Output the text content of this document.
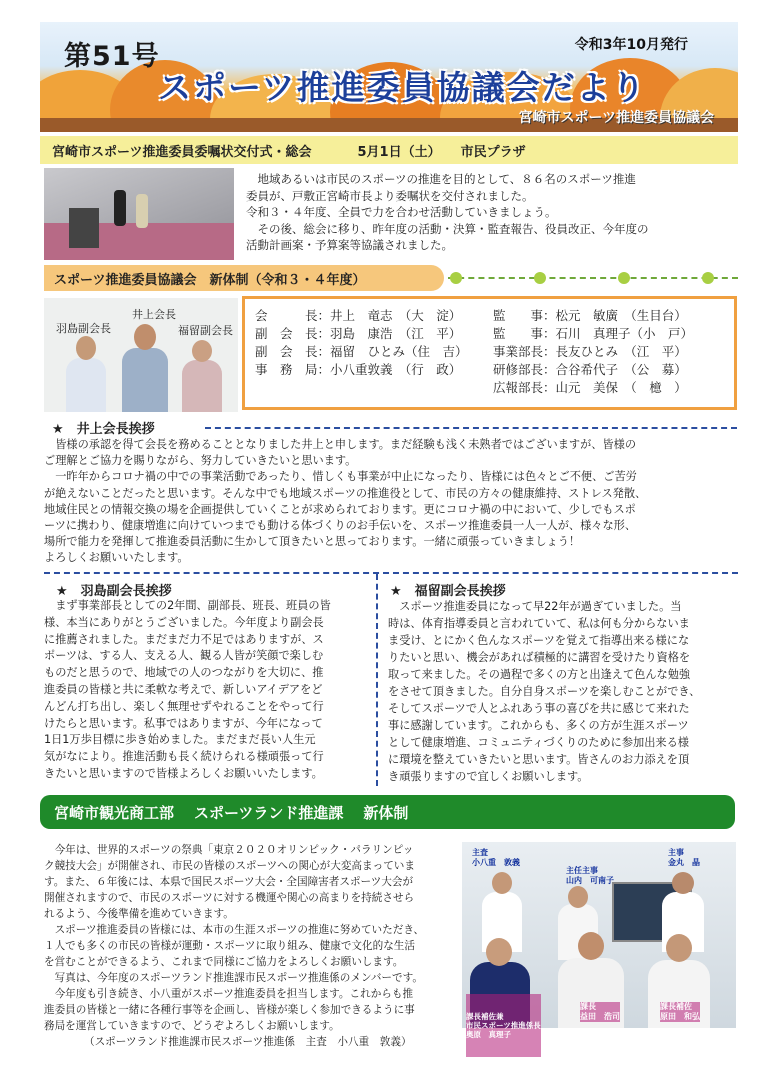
第51号	令和3年10月発行
スポーツ推進委員協議会だより
宮崎市スポーツ推進委員協議会
宮崎市スポーツ推進委員委嘱状交付式・総会	5月1日（土） 市民プラザ
　地域あるいは市民のスポーツの推進を目的として、８６名のスポーツ推進
委員が、戸敷正宮崎市長より委嘱状を交付されました。
令和３・４年度、全員で力を合わせ活動していきましょう。
　その後、総会に移り、昨年度の活動・決算・監査報告、役員改正、今年度の
活動計画案・予算案等協議されました。
スポーツ推進委員協議会　新体制（令和３・４年度）
羽島副会長
井上会長
福留副会長
会　　　長：井上　竜志　（大　淀）
副　会　長：羽島　康浩　（江　平）
副　会　長：福留　ひとみ（住　吉）
事　務　局：小八重敦義　（行　政）
監　　事：松元　敏廣　（生目台）
監　　事：石川　真理子（小　戸）
事業部長：長友ひとみ　（江　平）
研修部長：合谷希代子　（公　募）
広報部長：山元　美保　（　檍　）
★　井上会長挨拶
　皆様の承認を得て会長を務めることとなりました井上と申します。まだ経験も浅く未熟者ではございますが、皆様の
ご理解とご協力を賜りながら、努力していきたいと思います。
　一昨年からコロナ禍の中での事業活動であったり、惜しくも事業が中止になったり、皆様には色々とご不便、ご苦労
が絶えないことだったと思います。そんな中でも地域スポーツの推進役として、市民の方々の健康維持、ストレス発散、
地域住民との情報交換の場を企画提供していくことが求められております。更にコロナ禍の中において、少しでもスポ
ーツに携わり、健康増進に向けていつまでも動ける体づくりのお手伝いを、スポーツ推進委員一人一人が、様々な形、
場所で能力を発揮して推進委員活動に生かして頂きたいと思っております。一緒に頑張っていきましょう！
よろしくお願いいたします。
★　羽島副会長挨拶
　まず事業部長としての2年間、副部長、班長、班員の皆
様、本当にありがとうございました。今年度より副会長
に推薦されました。まだまだ力不足ではありますが、ス
ポーツは、する人、支える人、観る人皆が笑顔で楽しむ
ものだと思うので、地域での人のつながりを大切に、推
進委員の皆様と共に柔軟な考えで、新しいアイデアをど
んどん打ち出し、楽しく無理せずやれることをやって行
けたらと思います。私事ではありますが、今年になって
1日1万歩目標に歩き始めました。まだまだ長い人生元
気がなにより。推進活動も長く続けられる様頑張って行
きたいと思いますので皆様よろしくお願いいたします。
★　福留副会長挨拶
　スポーツ推進委員になって早22年が過ぎていました。当
時は、体育指導委員と言われていて、私は何も分からないま
ま受け、とにかく色んなスポーツを覚えて指導出来る様にな
りたいと思い、機会があれば積極的に講習を受けたり資格を
取って来ました。その過程で多くの方と出逢えて色んな勉強
をさせて頂きました。自分自身スポーツを楽しむことができ、
そしてスポーツで人とふれあう事の喜びを共に感じて来れた
事に感謝しています。これからも、多くの方が生涯スポーツ
として健康増進、コミュニティづくりのために参加出来る様
に環境を整えていきたいと思います。皆さんのお力添えを頂
き頑張りますので宜しくお願いします。
宮崎市観光商工部 スポーツランド推進課 新体制
　今年は、世界的スポーツの祭典「東京２０２０オリンピック・パラリンピッ
ク競技大会」が開催され、市民の皆様のスポーツへの関心が大変高まっていま
す。また、６年後には、本県で国民スポーツ大会・全国障害者スポーツ大会が
開催されますので、市民のスポーツに対する機運や関心の高まりを持続させら
れるよう、今後準備を進めていきます。
　スポーツ推進委員の皆様には、本市の生涯スポーツの推進に努めていただき、
１人でも多くの市民の皆様が運動・スポーツに取り組み、健康で文化的な生活
を営むことができるよう、これまで同様にご協力をよろしくお願いします。
　写真は、今年度のスポーツランド推進課市民スポーツ推進係のメンバーです。
　今年度も引き続き、小八重がスポーツ推進委員を担当します。これからも推
進委員の皆様と一緒に各種行事等を企画し、皆様が楽しく参加できるように事
務局を運営していきますので、どうぞよろしくお願いします。
（スポーツランド推進課市民スポーツ推進係　主査　小八重　敦義）
主査
小八重　敦義
主任主事
山内　可南子
主事
金丸　晶

課長補佐兼
市民スポーツ推進係長
奥原　真理子

課長
益田　浩司
課長補佐
原田　和弘
